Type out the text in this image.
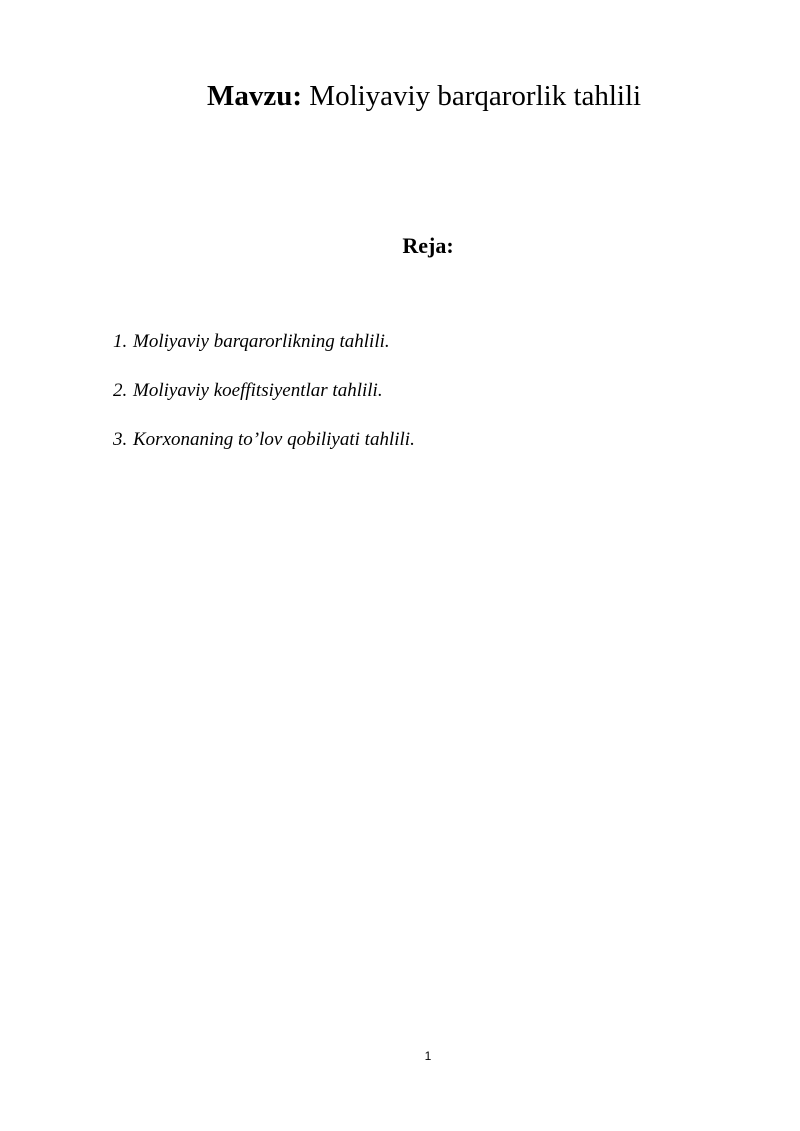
Mavzu: Moliyaviy barqarorlik tahlili
Reja:
1. Moliyaviy barqarorlikning tahlili.
2. Moliyaviy koeffitsiyentlar tahlili.
3. Korxonaning to’lov qobiliyati tahlili.
1
